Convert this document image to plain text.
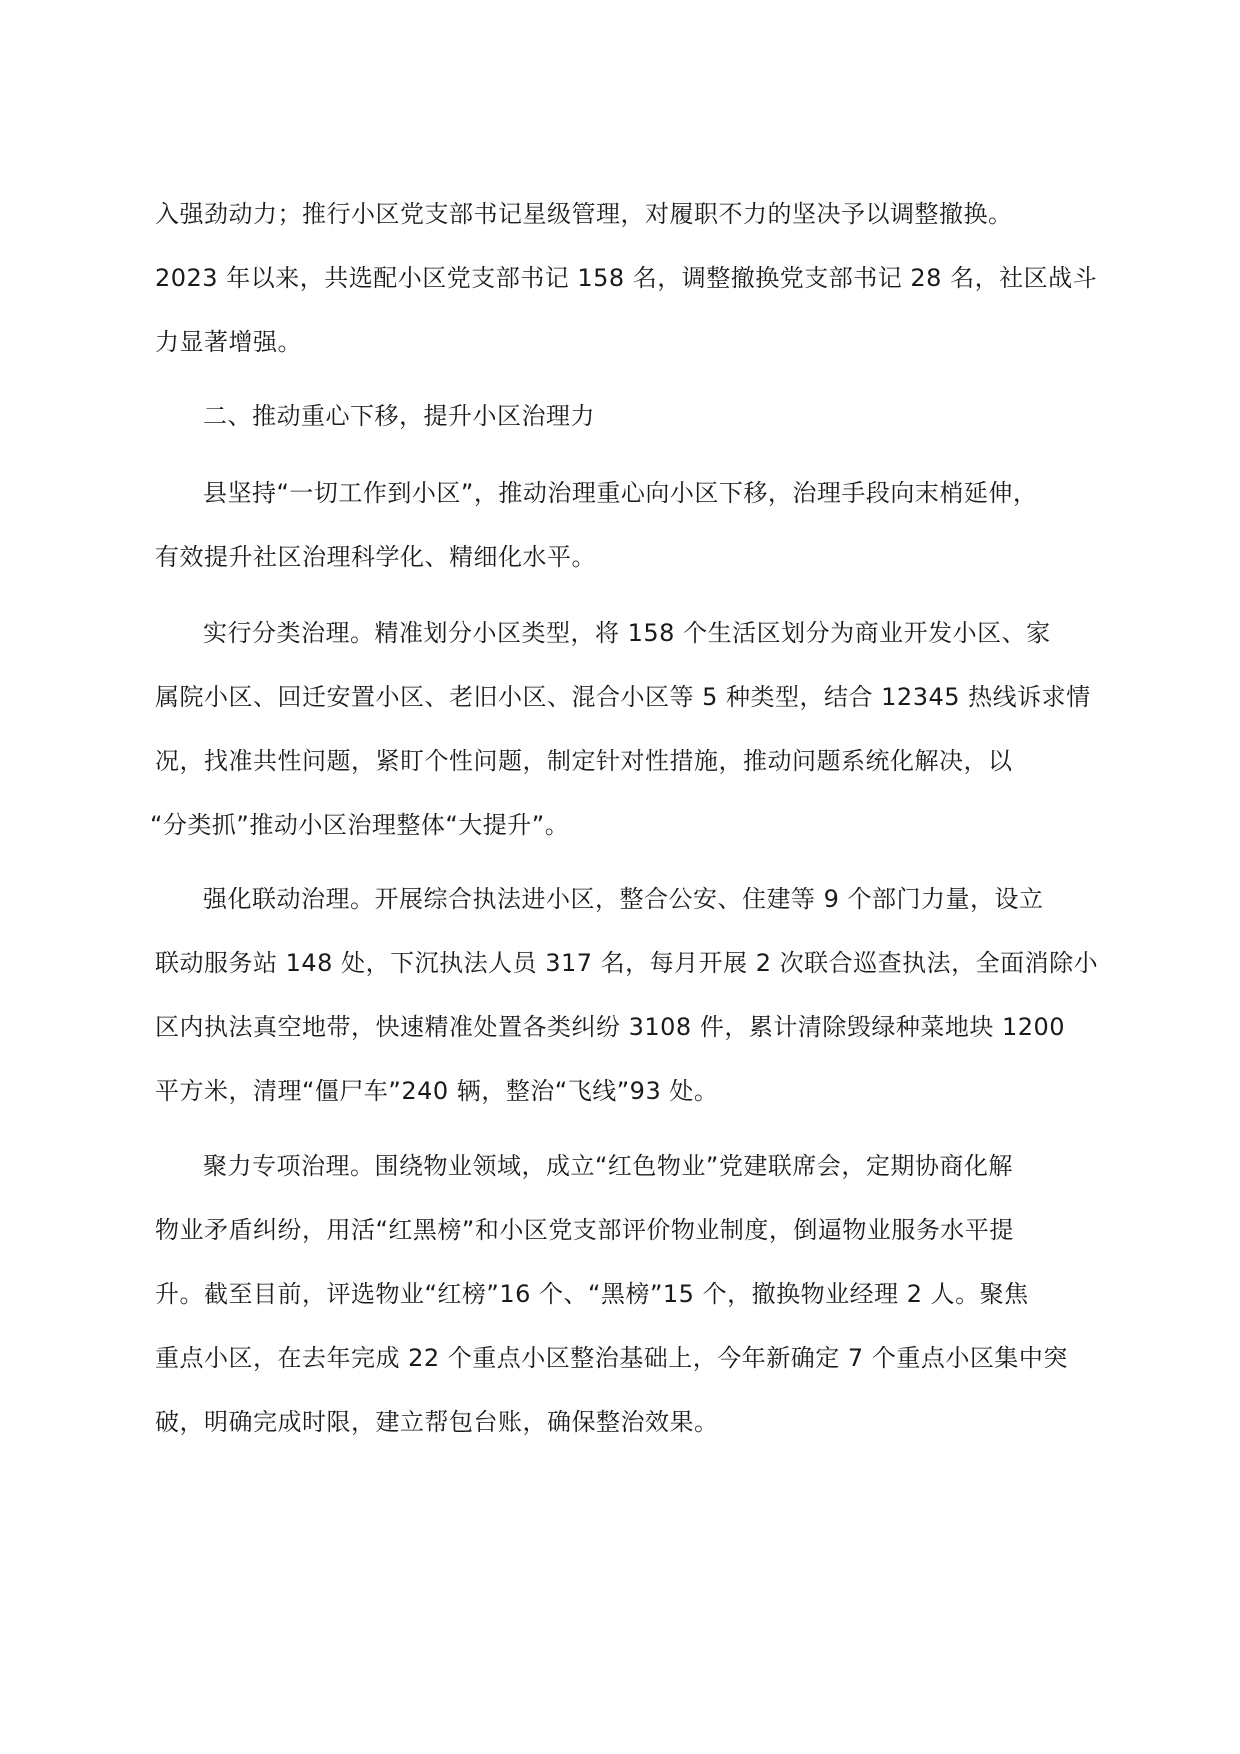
入强劲动力；推行小区党支部书记星级管理，对履职不力的坚决予以调整撤换。
2023 年以来，共选配小区党支部书记 158 名，调整撤换党支部书记 28 名，社区战斗
力显著增强。
二、推动重心下移，提升小区治理力
县坚持“一切工作到小区”，推动治理重心向小区下移，治理手段向末梢延伸，
有效提升社区治理科学化、精细化水平。
实行分类治理。精准划分小区类型，将 158 个生活区划分为商业开发小区、家
属院小区、回迁安置小区、老旧小区、混合小区等 5 种类型，结合 12345 热线诉求情
况，找准共性问题，紧盯个性问题，制定针对性措施，推动问题系统化解决，以
“分类抓”推动小区治理整体“大提升”。
强化联动治理。开展综合执法进小区，整合公安、住建等 9 个部门力量，设立
联动服务站 148 处，下沉执法人员 317 名，每月开展 2 次联合巡查执法，全面消除小
区内执法真空地带，快速精准处置各类纠纷 3108 件，累计清除毁绿种菜地块 1200
平方米，清理“僵尸车”240 辆，整治“飞线”93 处。
聚力专项治理。围绕物业领域，成立“红色物业”党建联席会，定期协商化解
物业矛盾纠纷，用活“红黑榜”和小区党支部评价物业制度，倒逼物业服务水平提
升。截至目前，评选物业“红榜”16 个、“黑榜”15 个，撤换物业经理 2 人。聚焦
重点小区，在去年完成 22 个重点小区整治基础上，今年新确定 7 个重点小区集中突
破，明确完成时限，建立帮包台账，确保整治效果。
